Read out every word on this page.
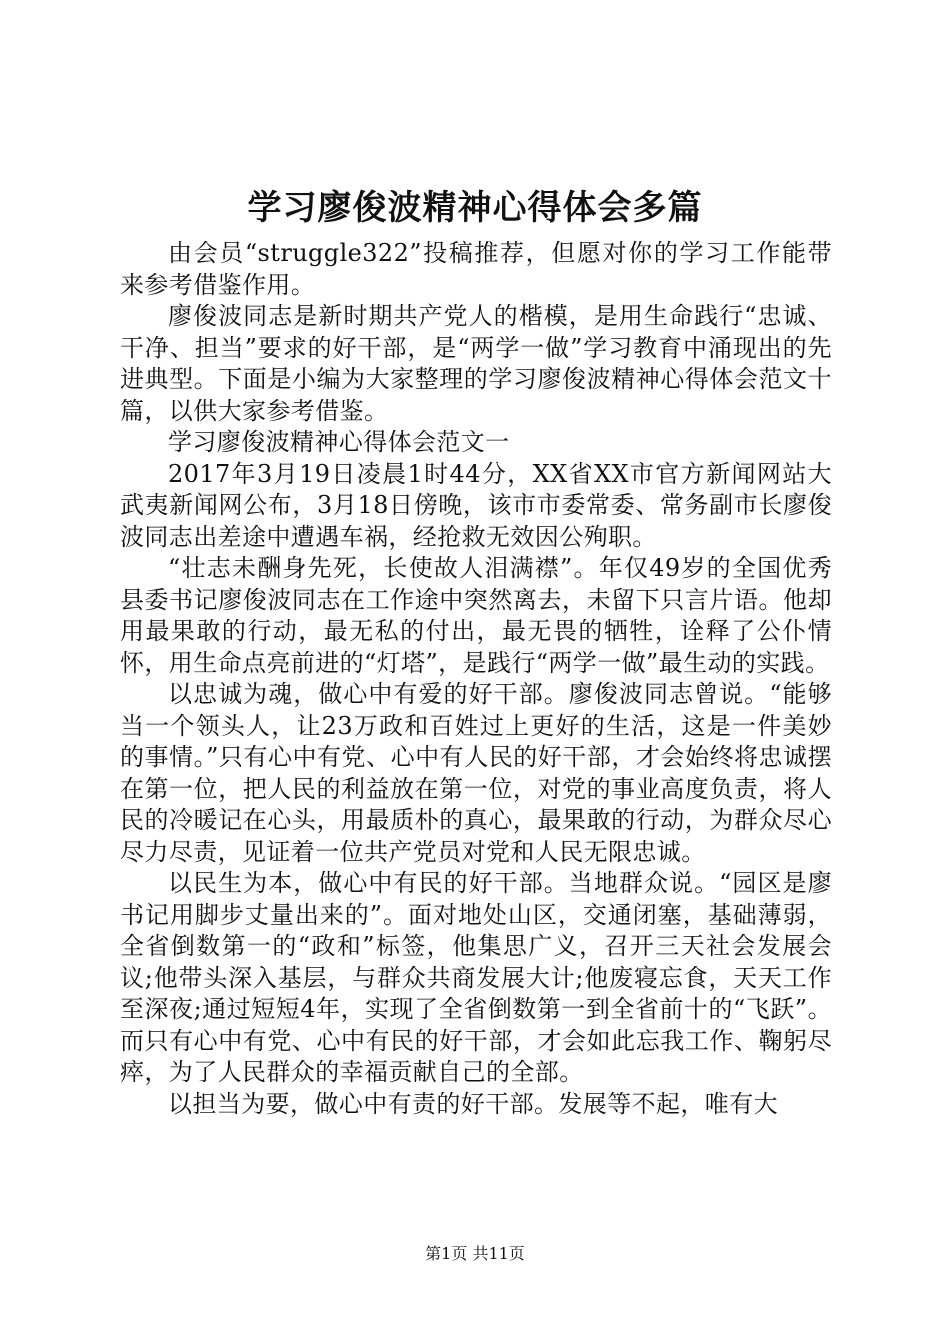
学习廖俊波精神心得体会多篇

由会员“struggle322”投稿推荐，但愿对你的学习工作能带来参考借鉴作用。

廖俊波同志是新时期共产党人的楷模，是用生命践行“忠诚、干净、担当”要求的好干部，是“两学一做”学习教育中涌现出的先进典型。下面是小编为大家整理的学习廖俊波精神心得体会范文十篇，以供大家参考借鉴。

学习廖俊波精神心得体会范文一

2017年3月19日凌晨1时44分，XX省XX市官方新闻网站大武夷新闻网公布，3月18日傍晚，该市市委常委、常务副市长廖俊波同志出差途中遭遇车祸，经抢救无效因公殉职。

“壮志未酬身先死，长使故人泪满襟”。年仅49岁的全国优秀县委书记廖俊波同志在工作途中突然离去，未留下只言片语。他却用最果敢的行动，最无私的付出，最无畏的牺牲，诠释了公仆情怀，用生命点亮前进的“灯塔”，是践行“两学一做”最生动的实践。

以忠诚为魂，做心中有爱的好干部。廖俊波同志曾说。“能够当一个领头人，让23万政和百姓过上更好的生活，这是一件美妙的事情。”只有心中有党、心中有人民的好干部，才会始终将忠诚摆在第一位，把人民的利益放在第一位，对党的事业高度负责，将人民的冷暖记在心头，用最质朴的真心，最果敢的行动，为群众尽心尽力尽责，见证着一位共产党员对党和人民无限忠诚。

以民生为本，做心中有民的好干部。当地群众说。“园区是廖书记用脚步丈量出来的”。面对地处山区，交通闭塞，基础薄弱，全省倒数第一的“政和”标签，他集思广义，召开三天社会发展会议;他带头深入基层，与群众共商发展大计;他废寝忘食，天天工作至深夜;通过短短4年，实现了全省倒数第一到全省前十的“飞跃”。而只有心中有党、心中有民的好干部，才会如此忘我工作、鞠躬尽瘁，为了人民群众的幸福贡献自己的全部。

以担当为要，做心中有责的好干部。发展等不起，唯有大

第1页 共11页
